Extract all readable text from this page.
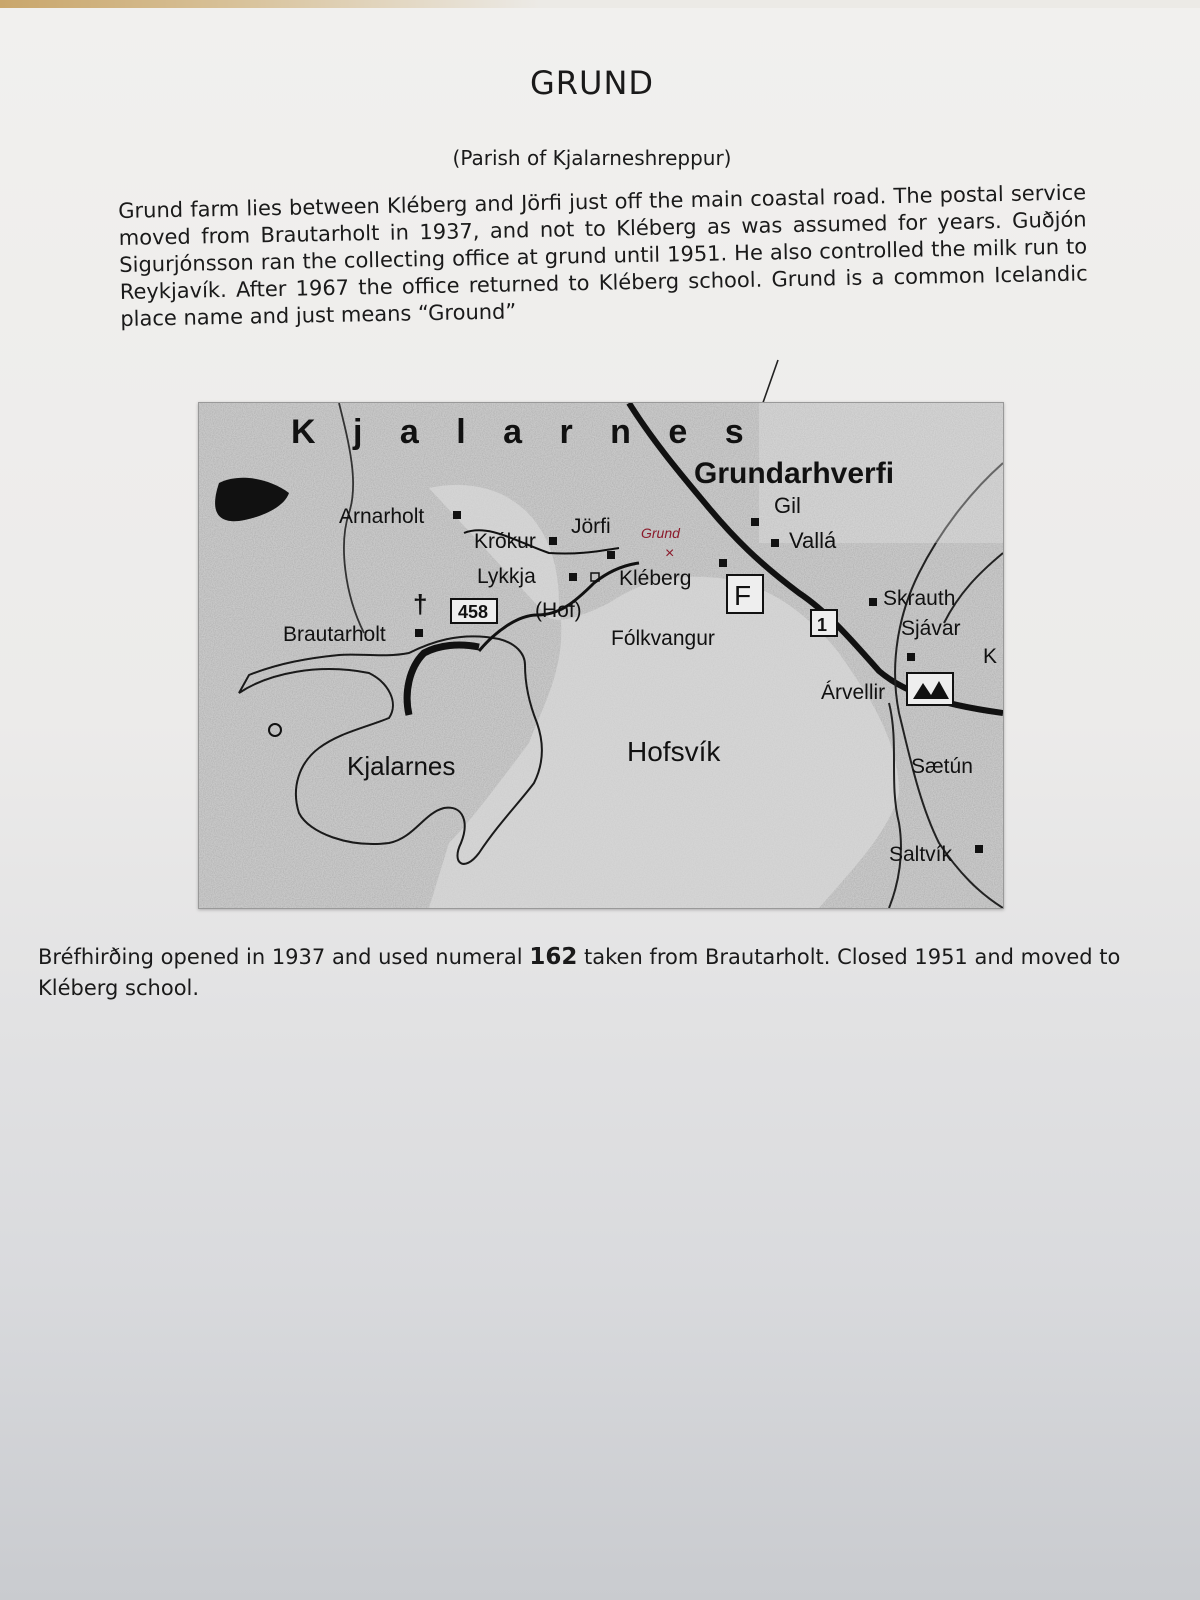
GRUND
(Parish of Kjalarneshreppur)
Grund farm lies between Kléberg and Jörfi just off the main coastal road. The postal service moved from Brautarholt in 1937, and not to Kléberg as was assumed for years. Guðjón Sigurjónsson ran the collecting office at grund until 1951. He also controlled the milk run to Reykjavík. After 1967 the office returned to Kléberg school. Grund is a common Icelandic place name and just means “Ground”
K j a l a r n e s
Grundarhverfi
Gil
Vallá
Arnarholt
Krókur
Jörfi Grund
×
Lykkja	Kléberg
F
(Hof)
458
†
Brautarholt	Fólkvangur
1
Skrauth
Sjávar
K
Árvellir
Kjalarnes	Hofsvík	Sætún
Saltvík
Bréfhirðing opened in 1937 and used numeral 162 taken from Brautarholt. Closed 1951 and moved to Kléberg school.
